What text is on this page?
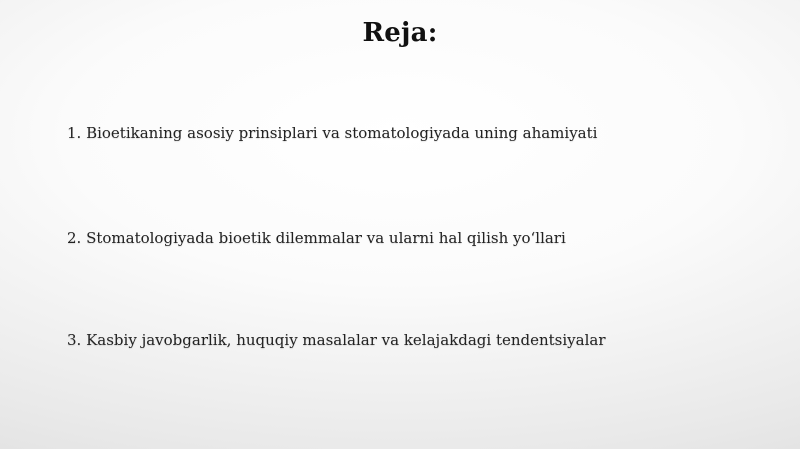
Reja:
1. Bioetikaning asosiy prinsiplari va stomatologiyada uning ahamiyati
2. Stomatologiyada bioetik dilemmalar va ularni hal qilish yo‘llari
3. Kasbiy javobgarlik, huquqiy masalalar va kelajakdagi tendentsiyalar
